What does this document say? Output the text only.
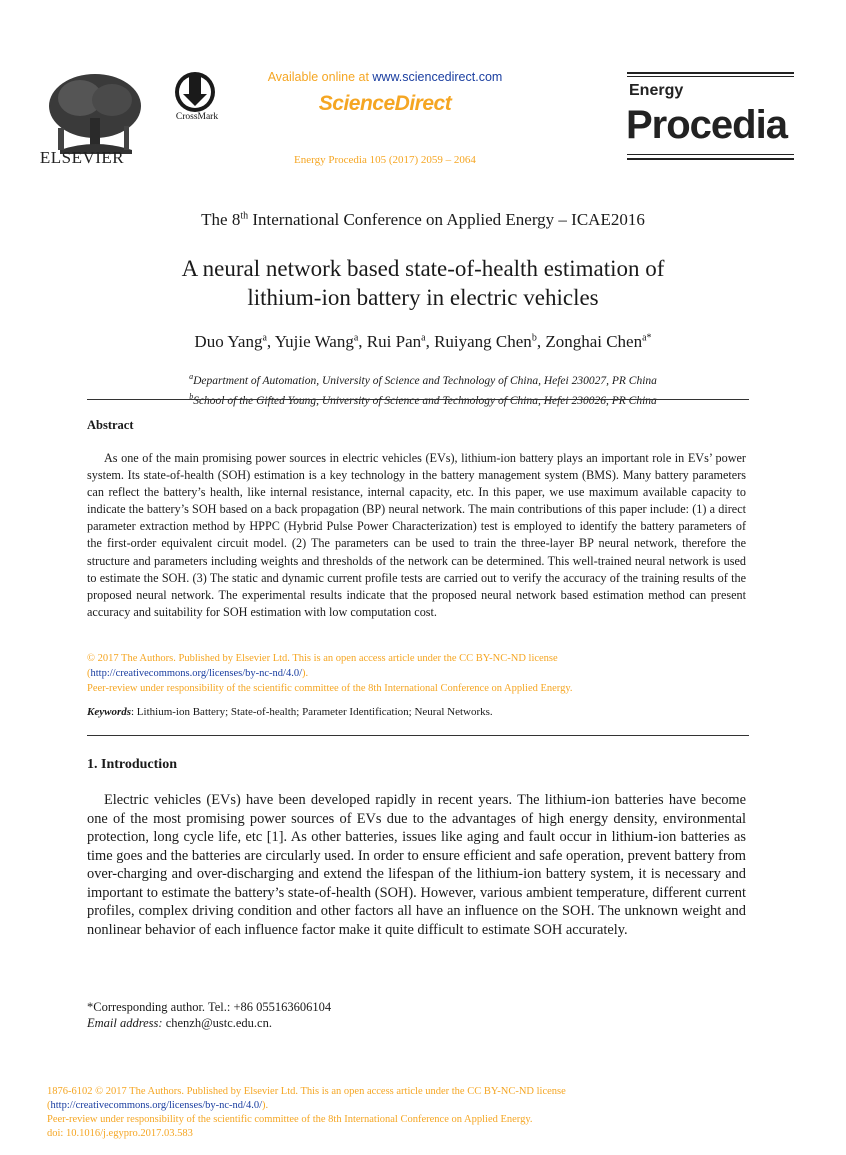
ELSEVIER
CrossMark
Available online at www.sciencedirect.com
ScienceDirect
Energy Procedia 105 (2017) 2059 – 2064
Energy
Procedia
The 8th International Conference on Applied Energy – ICAE2016
A neural network based state-of-health estimation of
lithium-ion battery in electric vehicles
Duo Yang$^a$, Yujie Wang$^a$, Rui Pan$^a$, Ruiyang Chen$^b$, Zonghai Chen$^{a*}$
$^a$Department of Automation, University of Science and Technology of China, Hefei 230027, PR China
$^b$School of the Gifted Young, University of Science and Technology of China, Hefei 230026, PR China
Abstract

As one of the main promising power sources in electric vehicles (EVs), lithium-ion battery plays an important role in EVs’ power system. Its state-of-health (SOH) estimation is a key technology in the battery management system (BMS). Many battery parameters can reflect the battery’s health, like internal resistance, internal capacity, etc. In this paper, we use maximum available capacity to indicate the battery’s SOH based on a back propagation (BP) neural network. The main contributions of this paper include: (1) a direct parameter extraction method by HPPC (Hybrid Pulse Power Characterization) test is employed to identify the battery parameters of the first-order equivalent circuit model. (2) The parameters can be used to train the three-layer BP neural network, therefore the structure and parameters including weights and thresholds of the network can be determined. This well-trained neural network is used to estimate the SOH. (3) The static and dynamic current profile tests are carried out to verify the accuracy of the training results of the proposed neural network. The experimental results indicate that the proposed neural network based estimation method can present accuracy and suitability for SOH estimation with low computation cost.

© 2017 The Authors. Published by Elsevier Ltd. This is an open access article under the CC BY-NC-ND license
(http://creativecommons.org/licenses/by-nc-nd/4.0/).
Peer-review under responsibility of the scientific committee of the 8th International Conference on Applied Energy.
Keywords: Lithium-ion Battery; State-of-health; Parameter Identification; Neural Networks.
1. Introduction

Electric vehicles (EVs) have been developed rapidly in recent years. The lithium-ion batteries have become one of the most promising power sources of EVs due to the advantages of high energy density, environmental protection, long cycle life, etc [1]. As other batteries, issues like aging and fault occur in lithium-ion batteries as time goes and the batteries are circularly used. In order to ensure efficient and safe operation, prevent battery from over-charging and over-discharging and extend the lifespan of the lithium-ion battery system, it is necessary and important to estimate the battery’s state-of-health (SOH). However, various ambient temperature, different current profiles, complex driving condition and other factors all have an influence on the SOH. The unknown weight and nonlinear behavior of each influence factor make it quite difficult to estimate SOH accurately.

*Corresponding author. Tel.: +86 055163606104
Email address: chenzh@ustc.edu.cn.
1876-6102 © 2017 The Authors. Published by Elsevier Ltd. This is an open access article under the CC BY-NC-ND license
(http://creativecommons.org/licenses/by-nc-nd/4.0/).
Peer-review under responsibility of the scientific committee of the 8th International Conference on Applied Energy.
doi: 10.1016/j.egypro.2017.03.583
